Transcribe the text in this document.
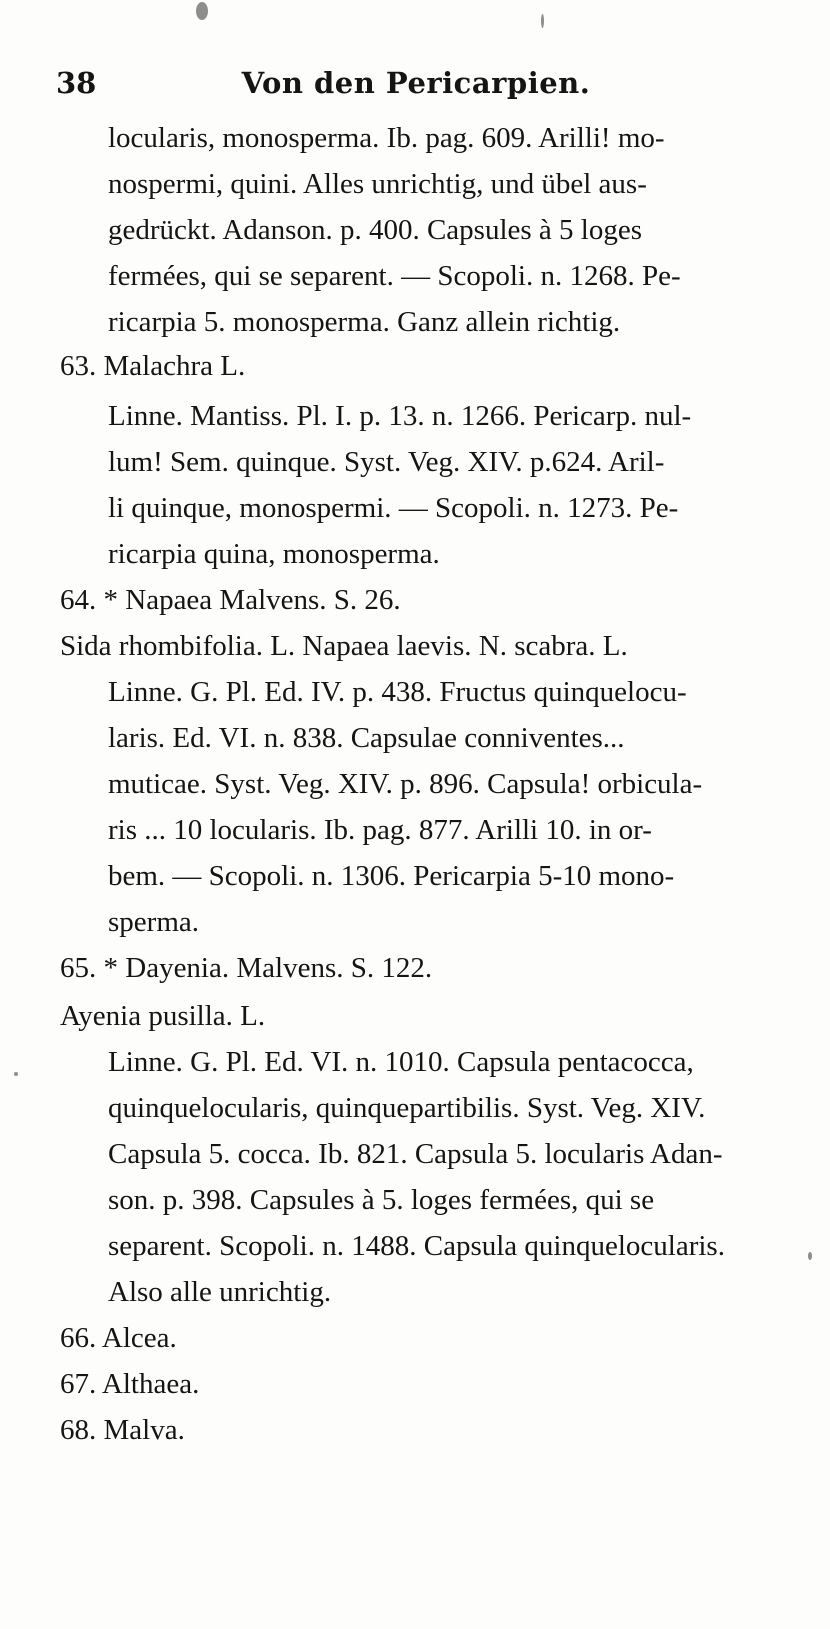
38	Von den Pericarpien.
locularis, monosperma. Ib. pag. 609. Arilli! mo-
nospermi, quini. Alles unrichtig, und übel aus-
gedrückt. Adanson. p. 400. Capsules à 5 loges
fermées, qui se separent. — Scopoli. n. 1268. Pe-
ricarpia 5. monosperma. Ganz allein richtig.
63. Malachra L.
Linne. Mantiss. Pl. I. p. 13. n. 1266. Pericarp. nul-
lum! Sem. quinque. Syst. Veg. XIV. p.624. Aril-
li quinque, monospermi. — Scopoli. n. 1273. Pe-
ricarpia quina, monosperma.
64. * Napaea Malvens. S. 26.
Sida rhombifolia. L. Napaea laevis. N. scabra. L.
Linne. G. Pl. Ed. IV. p. 438. Fructus quinquelocu-
laris. Ed. VI. n. 838. Capsulae conniventes...
muticae. Syst. Veg. XIV. p. 896. Capsula! orbicula-
ris ... 10 locularis. Ib. pag. 877. Arilli 10. in or-
bem. — Scopoli. n. 1306. Pericarpia 5-10 mono-
sperma.
65. * Dayenia. Malvens. S. 122.
Ayenia pusilla. L.
Linne. G. Pl. Ed. VI. n. 1010. Capsula pentacocca,
quinquelocularis, quinquepartibilis. Syst. Veg. XIV.
Capsula 5. cocca. Ib. 821. Capsula 5. locularis Adan-
son. p. 398. Capsules à 5. loges fermées, qui se
separent. Scopoli. n. 1488. Capsula quinquelocularis.
Also alle unrichtig.
66. Alcea.
67. Althaea.
68. Malva.
